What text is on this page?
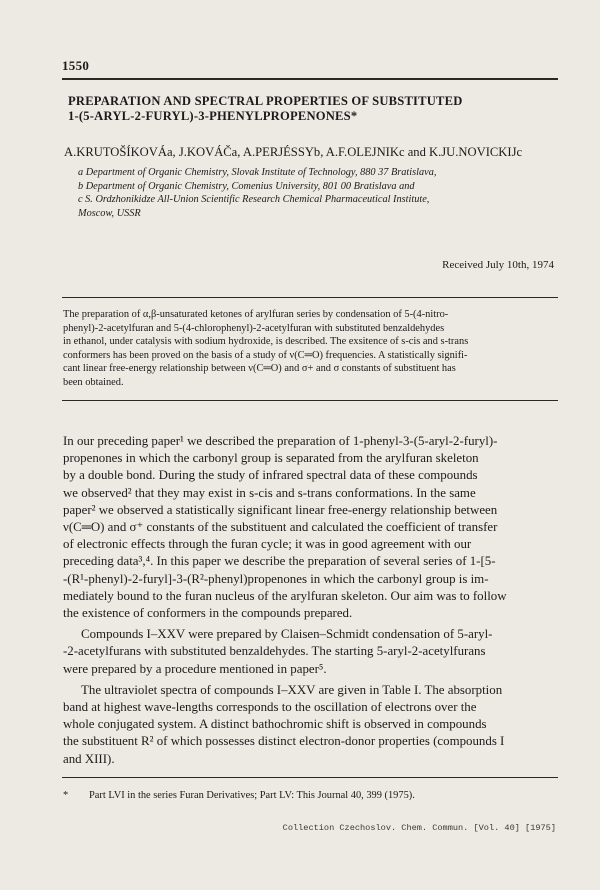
1550
PREPARATION AND SPECTRAL PROPERTIES OF SUBSTITUTED
1-(5-ARYL-2-FURYL)-3-PHENYLPROPENONES*
A.KRUTOŠÍKOVÁa, J.KOVÁČa, A.PERJÉSSYb, A.F.OLEJNIKc and K.JU.NOVICKIJc
a Department of Organic Chemistry, Slovak Institute of Technology, 880 37 Bratislava,
b Department of Organic Chemistry, Comenius University, 801 00 Bratislava and
c S. Ordzhonikidze All-Union Scientific Research Chemical Pharmaceutical Institute,
Moscow, USSR
Received July 10th, 1974
The preparation of α,β-unsaturated ketones of arylfuran series by condensation of 5-(4-nitro-
phenyl)-2-acetylfuran and 5-(4-chlorophenyl)-2-acetylfuran with substituted benzaldehydes
in ethanol, under catalysis with sodium hydroxide, is described. The exsitence of s-cis and s-trans
conformers has been proved on the basis of a study of ν(C═O) frequencies. A statistically signifi-
cant linear free-energy relationship between ν(C═O) and σ+ and σ constants of substituent has
been obtained.
In our preceding paper¹ we described the preparation of 1-phenyl-3-(5-aryl-2-furyl)-
propenones in which the carbonyl group is separated from the arylfuran skeleton
by a double bond. During the study of infrared spectral data of these compounds
we observed² that they may exist in s-cis and s-trans conformations. In the same
paper² we observed a statistically significant linear free-energy relationship between
ν(C═O) and σ⁺ constants of the substituent and calculated the coefficient of transfer
of electronic effects through the furan cycle; it was in good agreement with our
preceding data³,⁴. In this paper we describe the preparation of several series of 1-[5-
-(R¹-phenyl)-2-furyl]-3-(R²-phenyl)propenones in which the carbonyl group is im-
mediately bound to the furan nucleus of the arylfuran skeleton. Our aim was to follow
the existence of conformers in the compounds prepared.
Compounds I–XXV were prepared by Claisen–Schmidt condensation of 5-aryl-
-2-acetylfurans with substituted benzaldehydes. The starting 5-aryl-2-acetylfurans
were prepared by a procedure mentioned in paper⁵.
The ultraviolet spectra of compounds I–XXV are given in Table I. The absorption
band at highest wave-lengths corresponds to the oscillation of electrons over the
whole conjugated system. A distinct bathochromic shift is observed in compounds
the substituent R² of which possesses distinct electron-donor properties (compounds I
and XIII).
* Part LVI in the series Furan Derivatives; Part LV: This Journal 40, 399 (1975).
Collection Czechoslov. Chem. Commun. [Vol. 40] [1975]
